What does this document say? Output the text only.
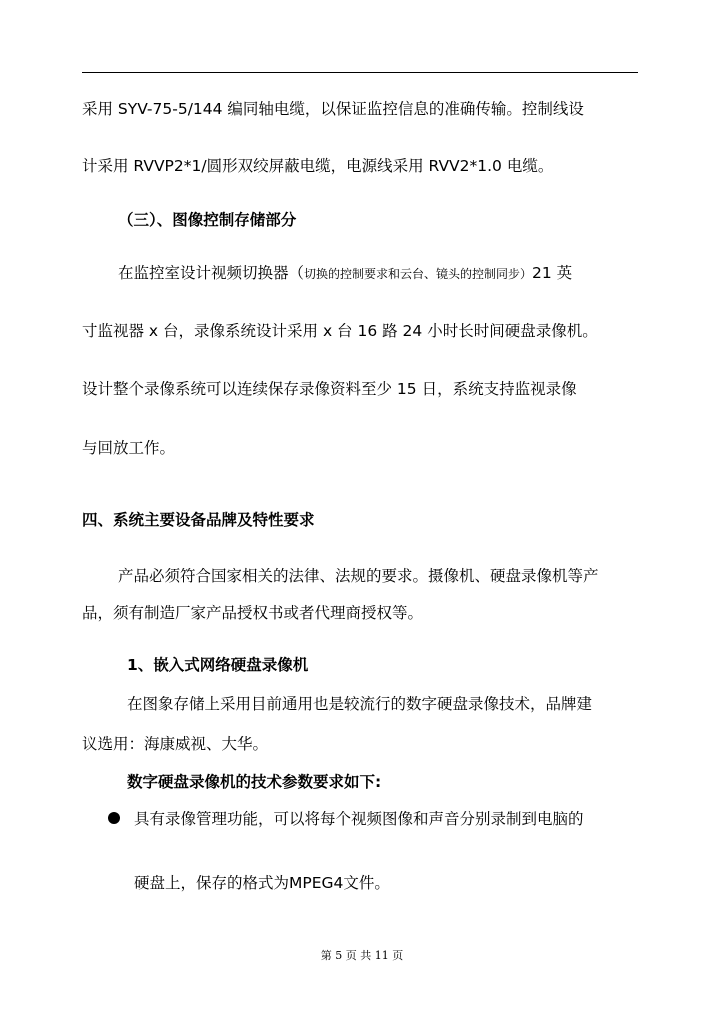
采用 SYV-75-5/144 编同轴电缆，以保证监控信息的准确传输。控制线设
计采用 RVVP2*1/圆形双绞屏蔽电缆，电源线采用 RVV2*1.0 电缆。
（三）、图像控制存储部分
在监控室设计视频切换器（切换的控制要求和云台、镜头的控制同步）21 英
寸监视器 x 台，录像系统设计采用 x 台 16 路 24 小时长时间硬盘录像机。
设计整个录像系统可以连续保存录像资料至少 15 日，系统支持监视录像
与回放工作。
四、系统主要设备品牌及特性要求
产品必须符合国家相关的法律、法规的要求。摄像机、硬盘录像机等产
品，须有制造厂家产品授权书或者代理商授权等。
1、嵌入式网络硬盘录像机
在图象存储上采用目前通用也是较流行的数字硬盘录像技术，品牌建
议选用：海康威视、大华。
数字硬盘录像机的技术参数要求如下:
具有录像管理功能，可以将每个视频图像和声音分别录制到电脑的
硬盘上，保存的格式为MPEG4文件。
第 5 页 共 11 页
